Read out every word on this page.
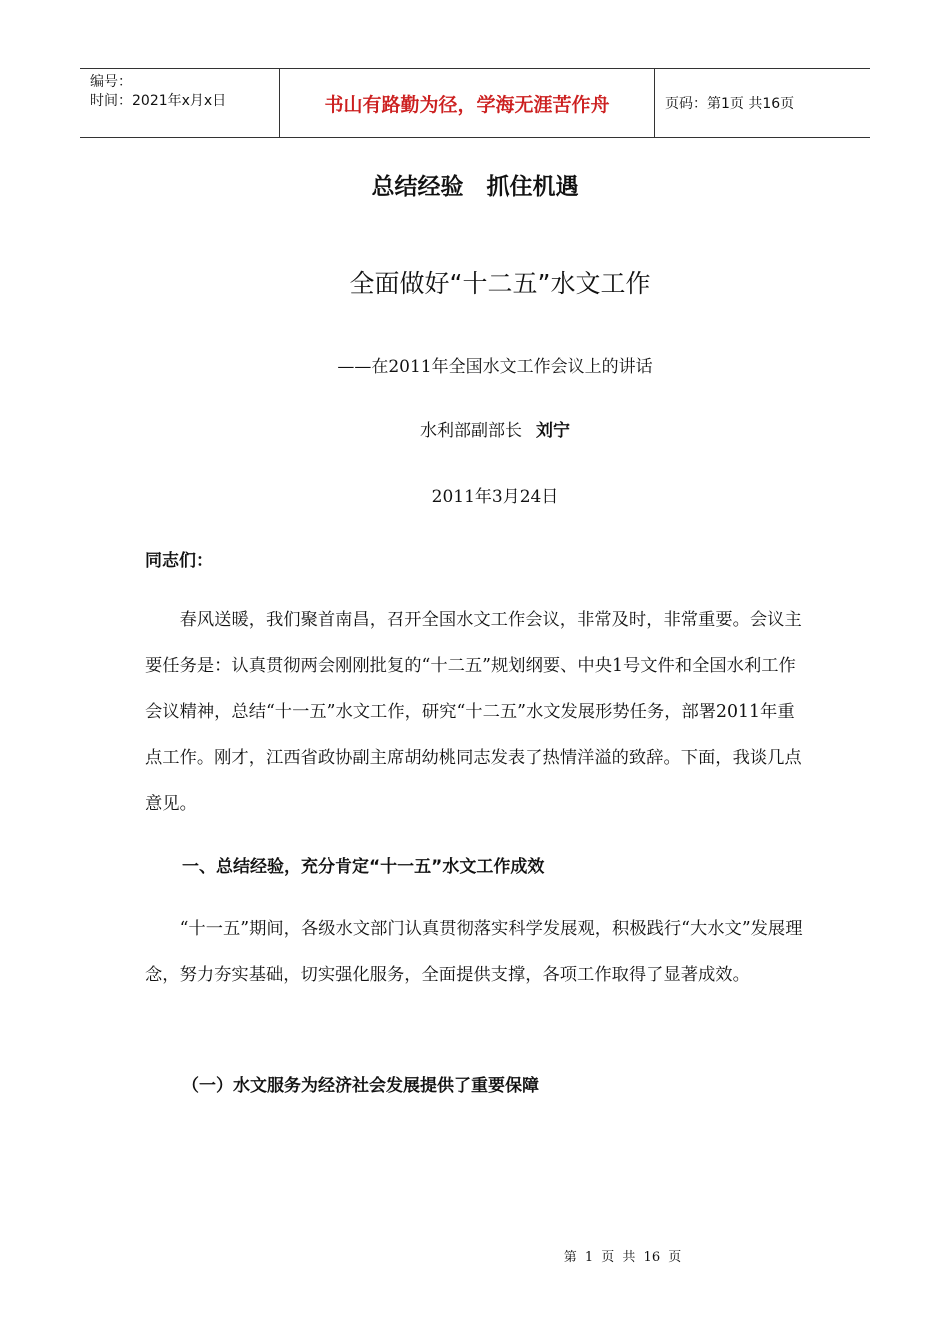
编号：
时间：2021年x月x日	书山有路勤为径，学海无涯苦作舟	页码：第1页 共16页
总结经验　抓住机遇
全面做好“十二五”水文工作
——在2011年全国水文工作会议上的讲话
水利部副部长 刘宁
2011年3月24日
同志们：
春风送暖，我们聚首南昌，召开全国水文工作会议，非常及时，非常重要。会议主要任务是：认真贯彻两会刚刚批复的“十二五”规划纲要、中央1号文件和全国水利工作会议精神，总结“十一五”水文工作，研究“十二五”水文发展形势任务，部署2011年重点工作。刚才，江西省政协副主席胡幼桃同志发表了热情洋溢的致辞。下面，我谈几点意见。
一、总结经验，充分肯定“十一五”水文工作成效
“十一五”期间，各级水文部门认真贯彻落实科学发展观，积极践行“大水文”发展理念，努力夯实基础，切实强化服务，全面提供支撑，各项工作取得了显著成效。
（一）水文服务为经济社会发展提供了重要保障
第 1 页 共 16 页
